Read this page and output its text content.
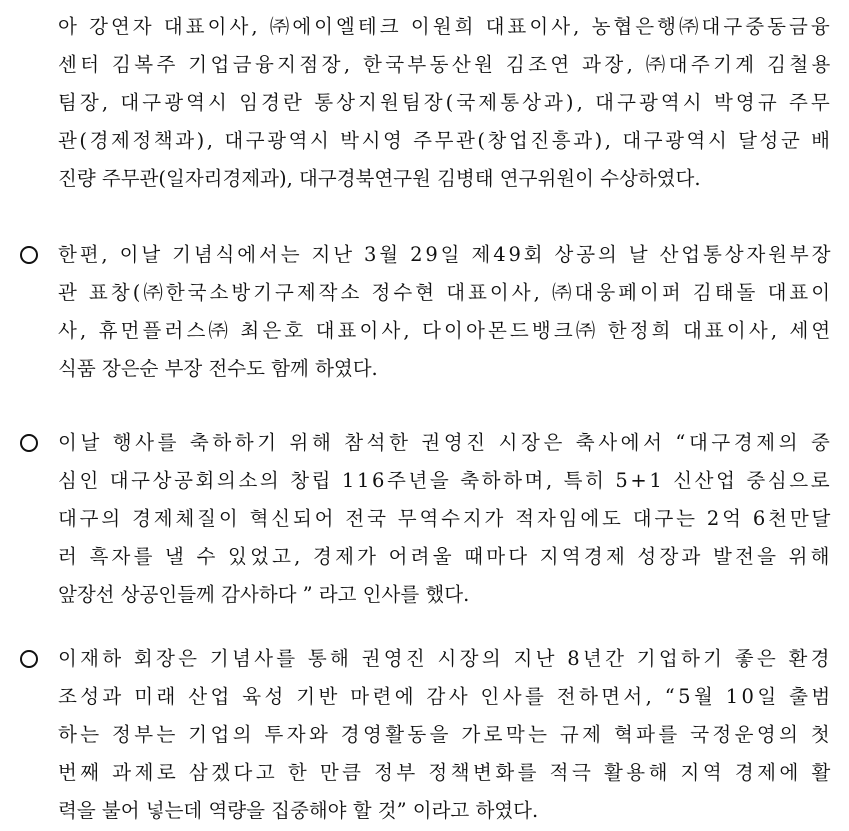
아 강연자 대표이사, ㈜에이엘테크 이원희 대표이사, 농협은행㈜대구중동금융
센터 김복주 기업금융지점장, 한국부동산원 김조연 과장, ㈜대주기계 김철용
팀장, 대구광역시 임경란 통상지원팀장(국제통상과), 대구광역시 박영규 주무
관(경제정책과), 대구광역시 박시영 주무관(창업진흥과), 대구광역시 달성군 배
진량 주무관(일자리경제과), 대구경북연구원 김병태 연구위원이 수상하였다.
한편, 이날 기념식에서는 지난 3월 29일 제49회 상공의 날 산업통상자원부장
관 표창(㈜한국소방기구제작소 정수현 대표이사, ㈜대웅페이퍼 김태돌 대표이
사, 휴먼플러스㈜ 최은호 대표이사, 다이아몬드뱅크㈜ 한정희 대표이사, 세연
식품 장은순 부장 전수도 함께 하였다.
이날 행사를 축하하기 위해 참석한 권영진 시장은 축사에서 “대구경제의 중
심인 대구상공회의소의 창립 116주년을 축하하며, 특히 5+1 신산업 중심으로
대구의 경제체질이 혁신되어 전국 무역수지가 적자임에도 대구는 2억 6천만달
러 흑자를 낼 수 있었고, 경제가 어려울 때마다 지역경제 성장과 발전을 위해
앞장선 상공인들께 감사하다 ” 라고 인사를 했다.
이재하 회장은 기념사를 통해 권영진 시장의 지난 8년간 기업하기 좋은 환경
조성과 미래 산업 육성 기반 마련에 감사 인사를 전하면서, “5월 10일 출범
하는 정부는 기업의 투자와 경영활동을 가로막는 규제 혁파를 국정운영의 첫
번째 과제로 삼겠다고 한 만큼 정부 정책변화를 적극 활용해 지역 경제에 활
력을 불어 넣는데 역량을 집중해야 할 것” 이라고 하였다.
